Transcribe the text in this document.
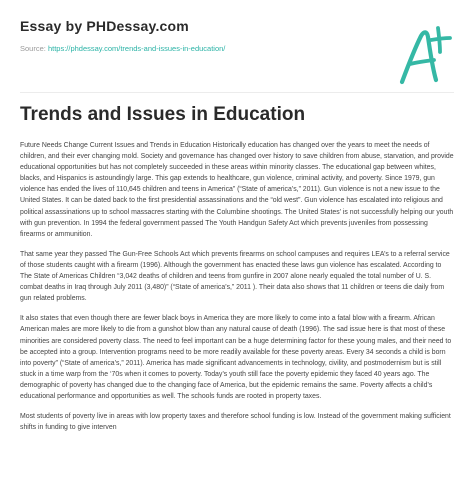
Essay by PHDessay.com
Source: https://phdessay.com/trends-and-issues-in-education/
Trends and Issues in Education

Future Needs Change Current Issues and Trends in Education Historically education has changed over the years to meet the needs of children, and their ever changing mold. Society and governance has changed over history to save children from abuse, starvation, and provide educational opportunities but has not completely succeeded in these areas within minority classes. The educational gap between whites, blacks, and Hispanics is astoundingly large. This gap extends to healthcare, gun violence, criminal activity, and poverty. Since 1979, gun violence has ended the lives of 110,645 children and teens in America” (“State of america’s,” 2011). Gun violence is not a new issue to the United States. It can be dated back to the first presidential assassinations and the “old west”. Gun violence has escalated into religious and political assassinations up to school massacres starting with the Columbine shootings. The United States’ is not successfully helping our youth with gun prevention. In 1994 the federal government passed The Youth Handgun Safety Act which prevents juveniles from possessing firearms or ammunition.

That same year they passed The Gun-Free Schools Act which prevents firearms on school campuses and requires LEA’s to a referral service of those students caught with a firearm (1996). Although the government has enacted these laws gun violence has escalated. According to The State of Americas Children “3,042 deaths of children and teens from gunfire in 2007 alone nearly equaled the total number of U. S. combat deaths in Iraq through July 2011 (3,480)” (“State of america’s,” 2011 ). Their data also shows that 11 children or teens die daily from gun related problems.

It also states that even though there are fewer black boys in America they are more likely to come into a fatal blow with a firearm. African American males are more likely to die from a gunshot blow than any natural cause of death (1996). The sad issue here is that most of these minorities are considered poverty class. The need to feel important can be a huge determining factor for these young males, and their need to be accepted into a group. Intervention programs need to be more readily available for these poverty areas. Every 34 seconds a child is born into poverty” (“State of america’s,” 2011). America has made significant advancements in technology, civility, and postmodernism but is still stuck in a time warp from the ‘70s when it comes to poverty. Today’s youth still face the poverty epidemic they faced 40 years ago. The demographic of poverty has changed due to the changing face of America, but the epidemic remains the same. Poverty affects a child’s educational performance and opportunities as well. The schools funds are rooted in property taxes.

Most students of poverty live in areas with low property taxes and therefore school funding is low. Instead of the government making sufficient shifts in funding to give interven
